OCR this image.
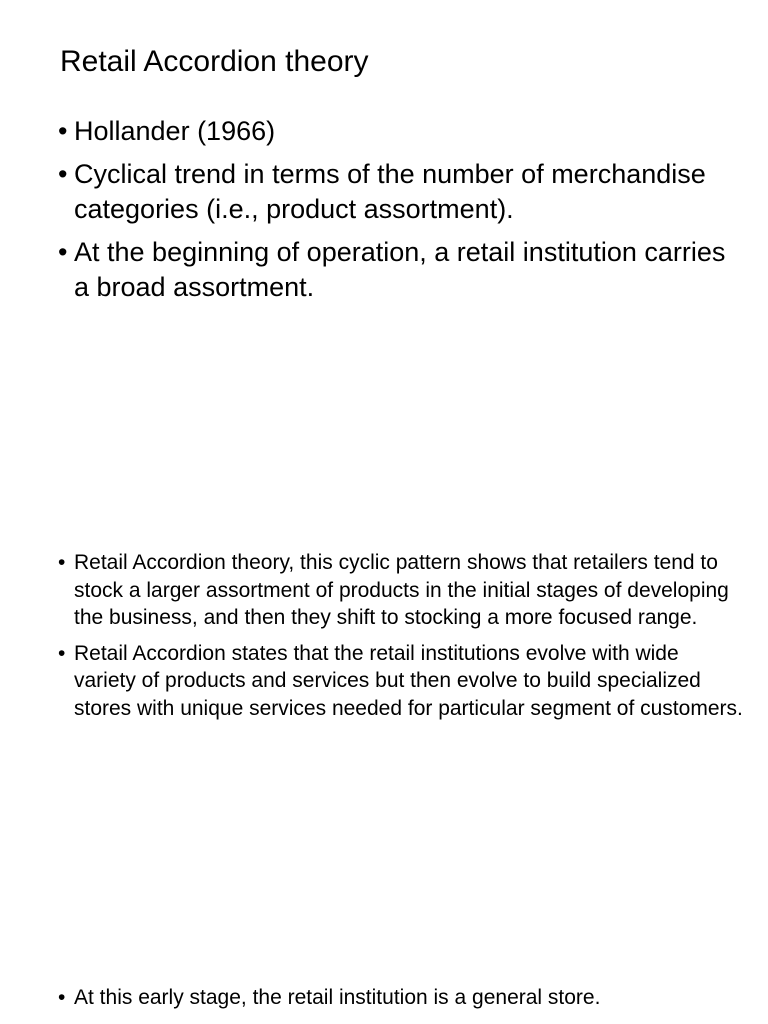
Retail Accordion theory
• Hollander (1966)
• Cyclical trend in terms of the number of merchandise categories (i.e., product assortment).
• At the beginning of operation, a retail institution carries a broad assortment.
• Retail Accordion theory, this cyclic pattern shows that retailers tend to stock a larger assortment of products in the initial stages of developing the business, and then they shift to stocking a more focused range.
• Retail Accordion states that the retail institutions evolve with wide variety of products and services but then evolve to build specialized stores with unique services needed for particular segment of customers.
• At this early stage, the retail institution is a general store.
